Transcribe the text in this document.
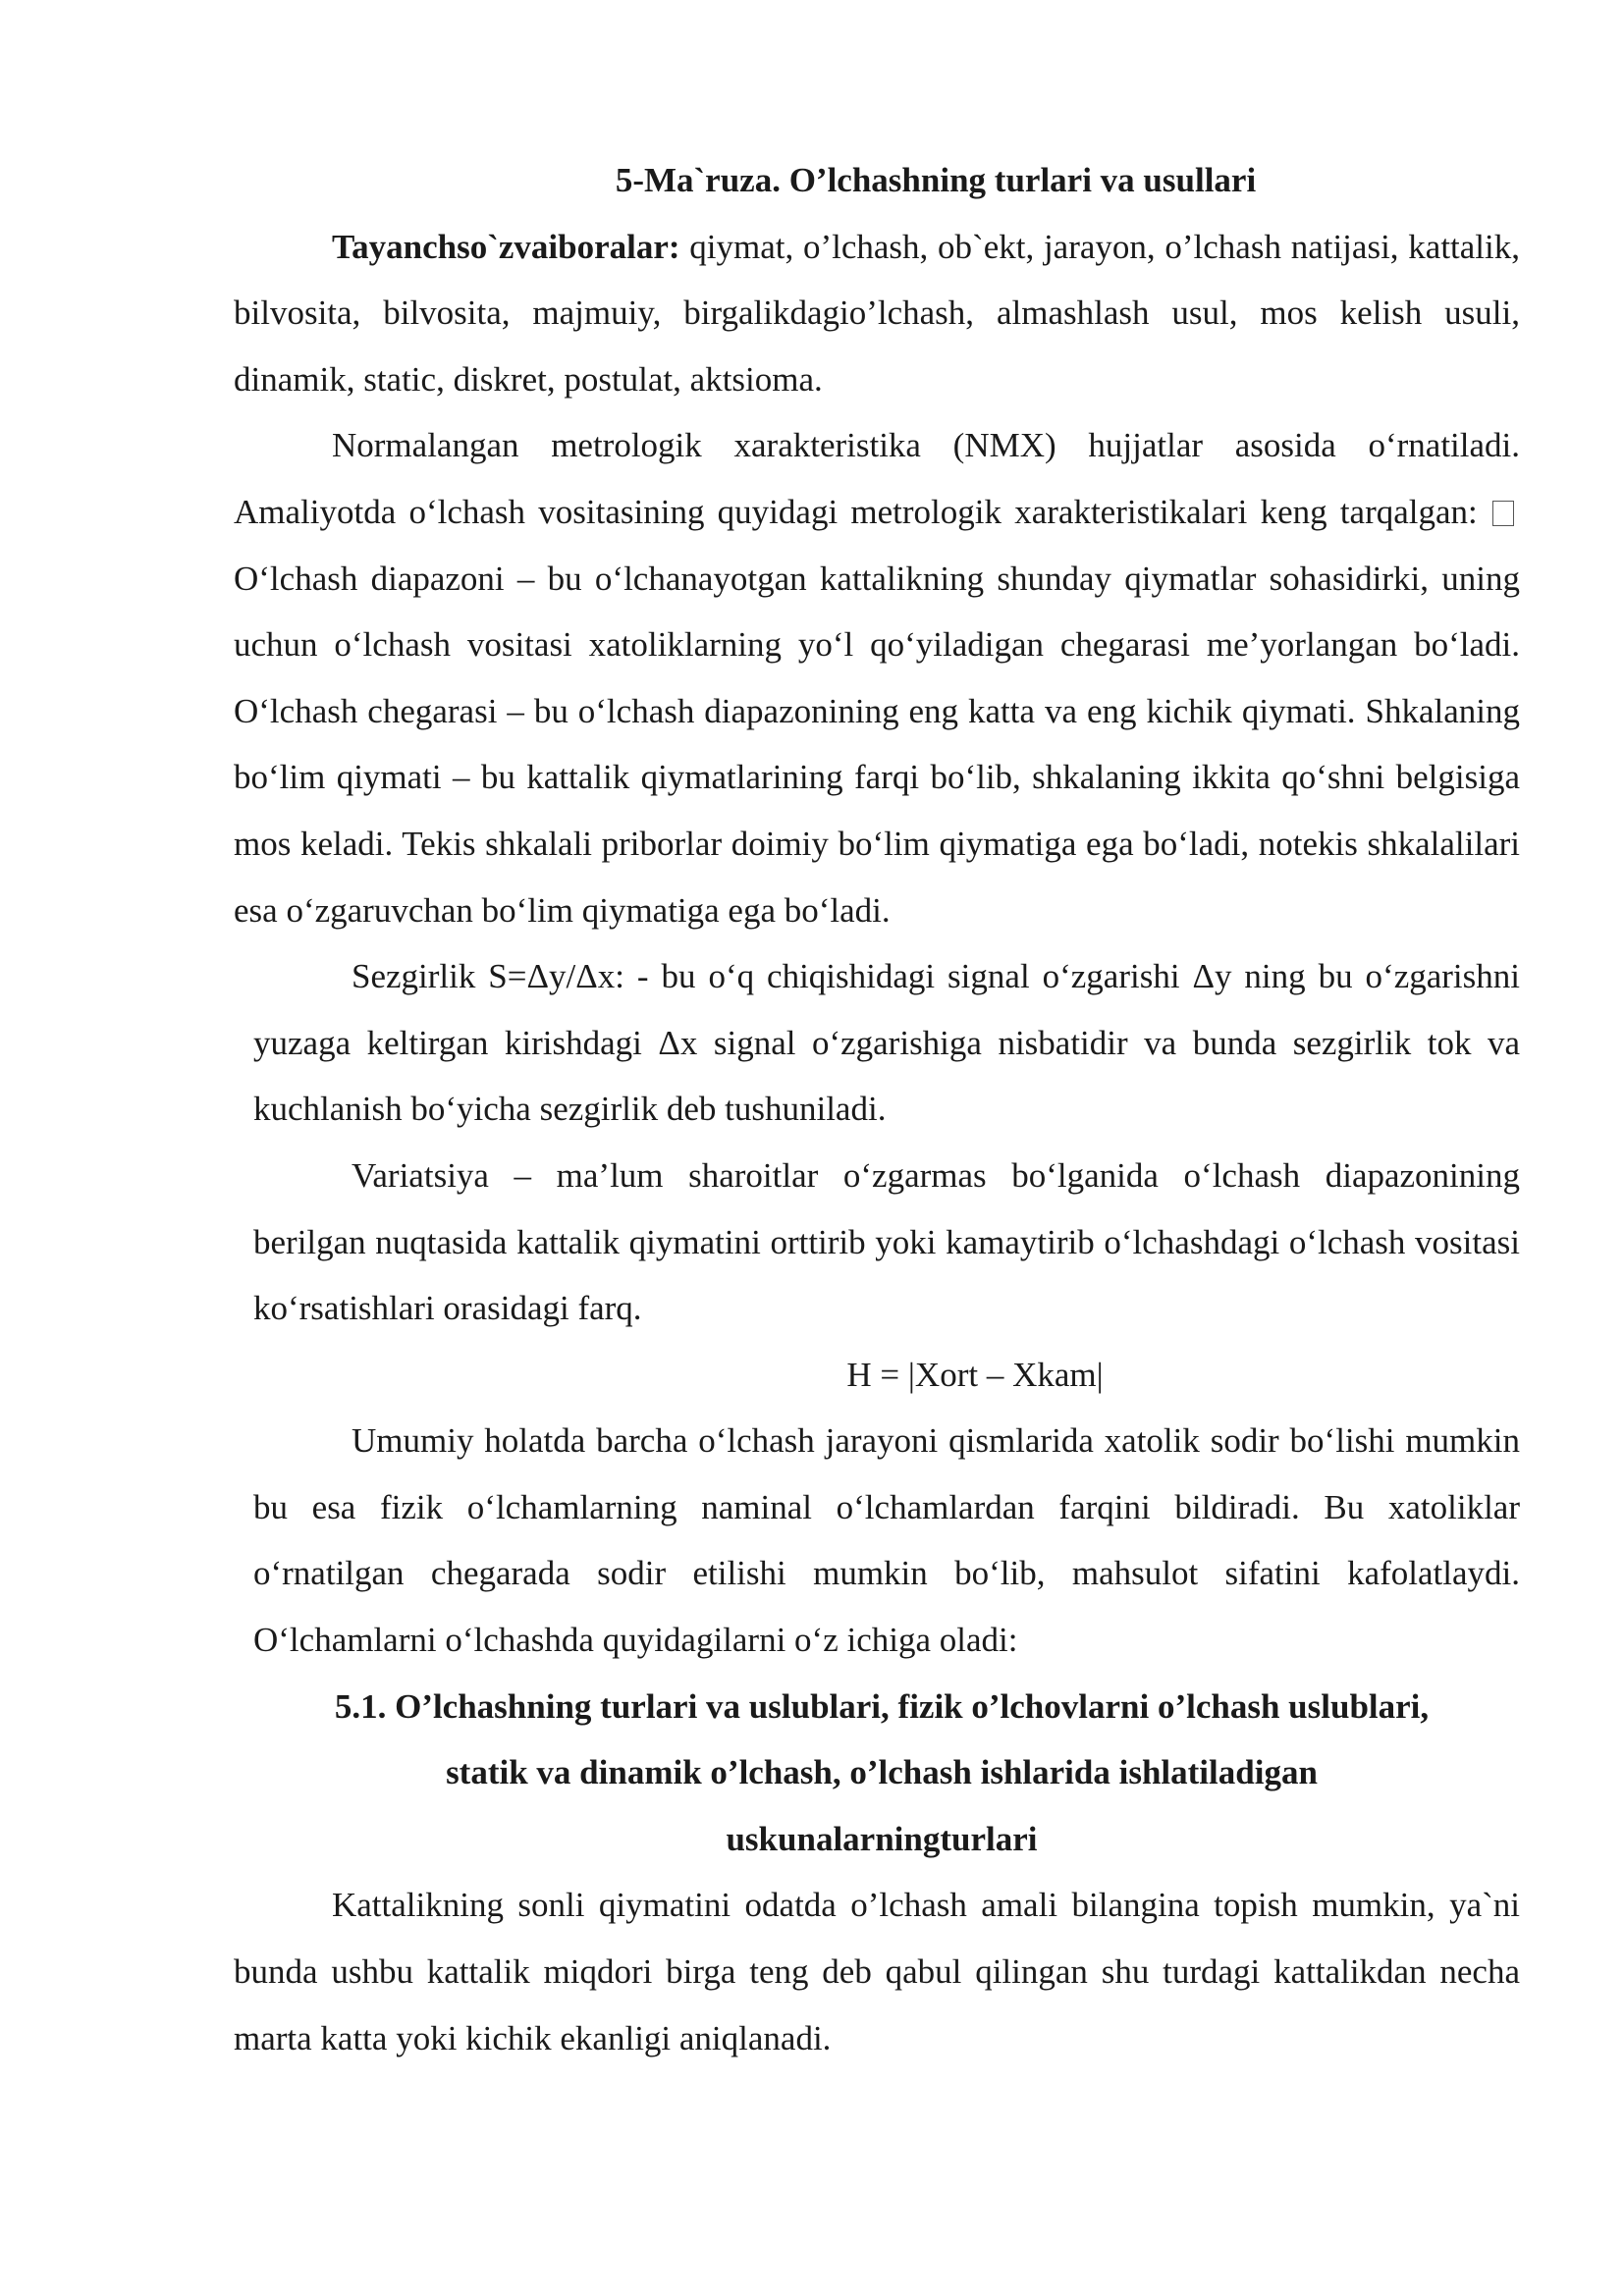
5-Ma`ruza. O’lchashning turlari va usullari

Tayanchso`zvaiboralar: qiymat, o’lchash, ob`ekt, jarayon, o’lchash natijasi, kattalik, bilvosita, bilvosita, majmuiy, birgalikdagio’lchash, almashlash usul, mos kelish usuli, dinamik, static, diskret, postulat, aktsioma.

Normalangan metrologik xarakteristika (NMX) hujjatlar asosida o‘rnatiladi. Amaliyotda o‘lchash vositasining quyidagi metrologik xarakteristikalari keng tarqalgan:  O‘lchash diapazoni – bu o‘lchanayotgan kattalikning shunday qiymatlar sohasidirki, uning uchun o‘lchash vositasi xatoliklarning yo‘l qo‘yiladigan chegarasi me’yorlangan bo‘ladi. O‘lchash chegarasi – bu o‘lchash diapazonining eng katta va eng kichik qiymati. Shkalaning bo‘lim qiymati – bu kattalik qiymatlarining farqi bo‘lib, shkalaning ikkita qo‘shni belgisiga mos keladi. Tekis shkalali priborlar doimiy bo‘lim qiymatiga ega bo‘ladi, notekis shkalalilari esa o‘zgaruvchan bo‘lim qiymatiga ega bo‘ladi.

Sezgirlik S=Δy/Δx: - bu o‘q chiqishidagi signal o‘zgarishi Δy ning bu o‘zgarishni yuzaga keltirgan kirishdagi Δx signal o‘zgarishiga nisbatidir va bunda sezgirlik tok va kuchlanish bo‘yicha sezgirlik deb tushuniladi.

Variatsiya – ma’lum sharoitlar o‘zgarmas bo‘lganida o‘lchash diapazonining berilgan nuqtasida kattalik qiymatini orttirib yoki kamaytirib o‘lchashdagi o‘lchash vositasi ko‘rsatishlari orasidagi farq.

H = |Xort – Xkam|

Umumiy holatda barcha o‘lchash jarayoni qismlarida xatolik sodir bo‘lishi mumkin bu esa fizik o‘lchamlarning naminal o‘lchamlardan farqini bildiradi. Bu xatoliklar o‘rnatilgan chegarada sodir etilishi mumkin bo‘lib, mahsulot sifatini kafolatlaydi. O‘lchamlarni o‘lchashda quyidagilarni o‘z ichiga oladi:

5.1. O’lchashning turlari va uslublari, fizik o’lchovlarni o’lchash uslublari, statik va dinamik o’lchash, o’lchash ishlarida ishlatiladigan uskunalarningturlari

Kattalikning sonli qiymatini odatda o’lchash amali bilangina topish mumkin, ya`ni bunda ushbu kattalik miqdori birga teng deb qabul qilingan shu turdagi kattalikdan necha marta katta yoki kichik ekanligi aniqlanadi.
